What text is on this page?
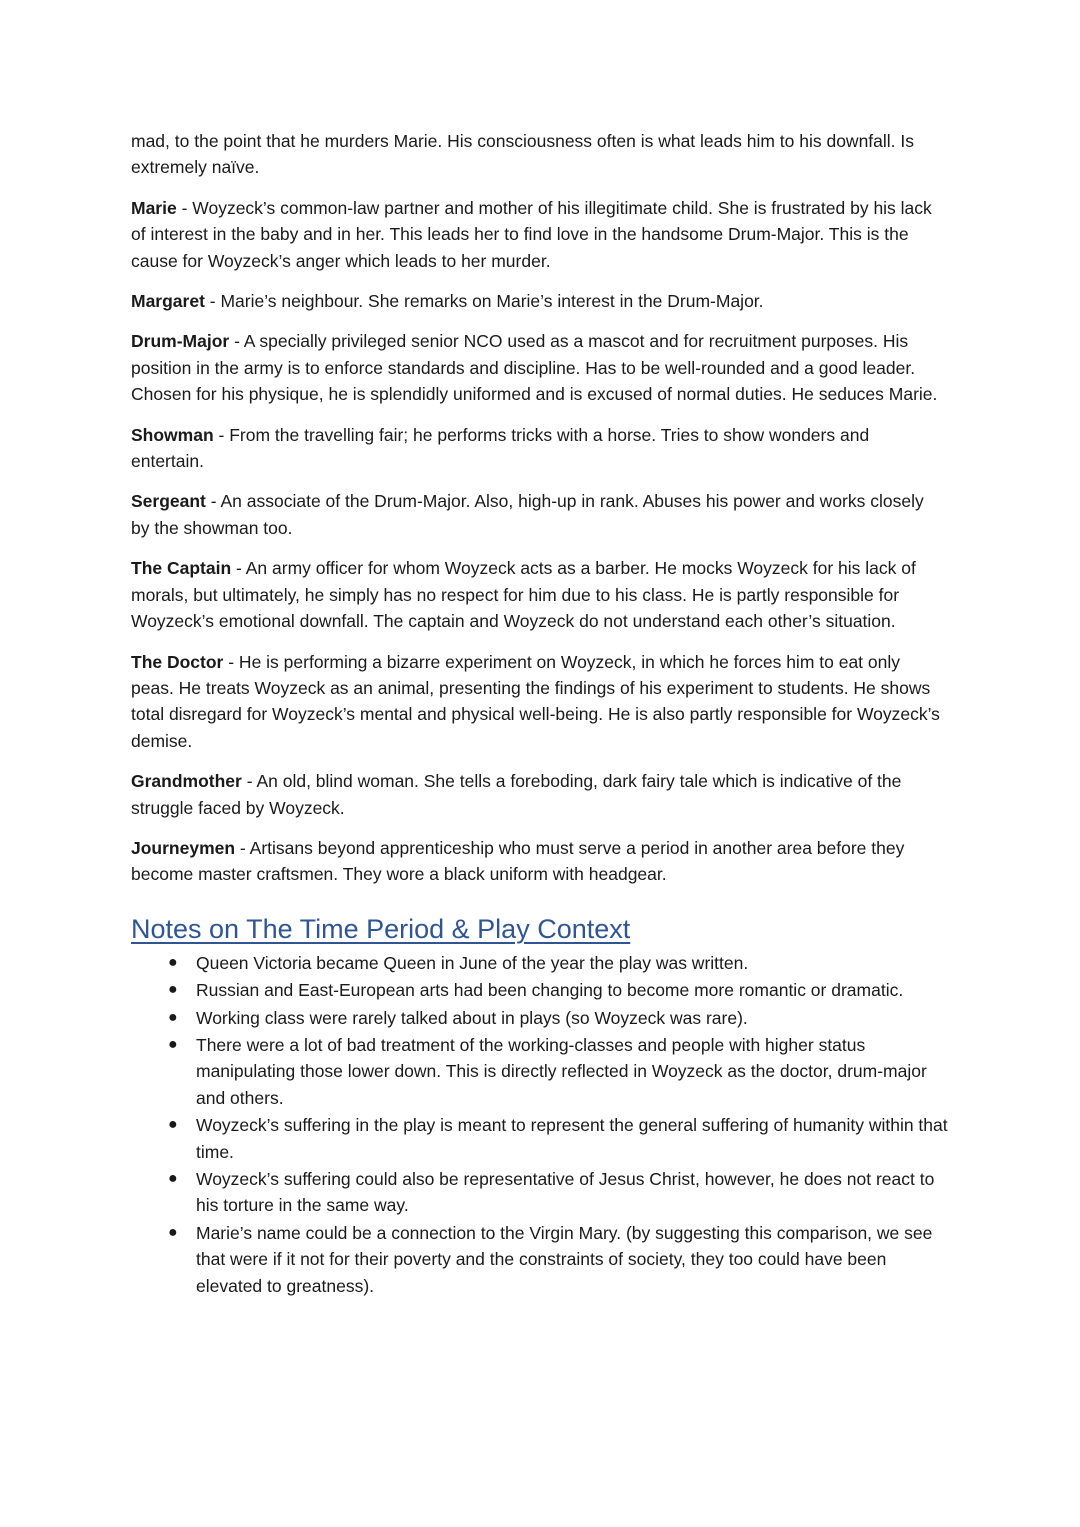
mad, to the point that he murders Marie. His consciousness often is what leads him to his downfall. Is extremely naïve.

Marie - Woyzeck’s common-law partner and mother of his illegitimate child. She is frustrated by his lack of interest in the baby and in her. This leads her to find love in the handsome Drum-Major. This is the cause for Woyzeck’s anger which leads to her murder.

Margaret - Marie’s neighbour. She remarks on Marie’s interest in the Drum-Major.

Drum-Major - A specially privileged senior NCO used as a mascot and for recruitment purposes. His position in the army is to enforce standards and discipline. Has to be well-rounded and a good leader. Chosen for his physique, he is splendidly uniformed and is excused of normal duties. He seduces Marie.

Showman - From the travelling fair; he performs tricks with a horse. Tries to show wonders and entertain.

Sergeant - An associate of the Drum-Major. Also, high-up in rank. Abuses his power and works closely by the showman too.

The Captain - An army officer for whom Woyzeck acts as a barber. He mocks Woyzeck for his lack of morals, but ultimately, he simply has no respect for him due to his class. He is partly responsible for Woyzeck’s emotional downfall. The captain and Woyzeck do not understand each other’s situation.

The Doctor - He is performing a bizarre experiment on Woyzeck, in which he forces him to eat only peas. He treats Woyzeck as an animal, presenting the findings of his experiment to students. He shows total disregard for Woyzeck’s mental and physical well-being. He is also partly responsible for Woyzeck’s demise.

Grandmother - An old, blind woman. She tells a foreboding, dark fairy tale which is indicative of the struggle faced by Woyzeck.

Journeymen - Artisans beyond apprenticeship who must serve a period in another area before they become master craftsmen. They wore a black uniform with headgear.

Notes on The Time Period & Play Context
● Queen Victoria became Queen in June of the year the play was written.
● Russian and East-European arts had been changing to become more romantic or dramatic.
● Working class were rarely talked about in plays (so Woyzeck was rare).
● There were a lot of bad treatment of the working-classes and people with higher status manipulating those lower down. This is directly reflected in Woyzeck as the doctor, drum-major and others.
● Woyzeck’s suffering in the play is meant to represent the general suffering of humanity within that time.
● Woyzeck’s suffering could also be representative of Jesus Christ, however, he does not react to his torture in the same way.
● Marie’s name could be a connection to the Virgin Mary. (by suggesting this comparison, we see that were if it not for their poverty and the constraints of society, they too could have been elevated to greatness).
